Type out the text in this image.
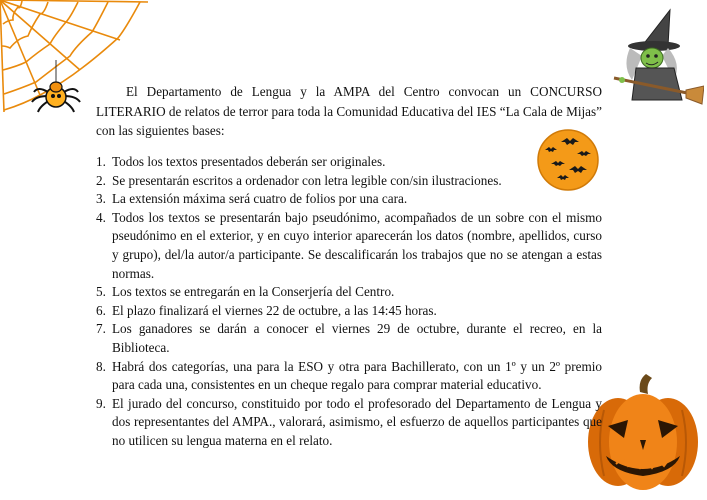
El Departamento de Lengua y la AMPA del Centro convocan un CONCURSO LITERARIO de relatos de terror para toda la Comunidad Educativa del IES “La Cala de Mijas” con las siguientes bases:

1. Todos los textos presentados deberán ser originales.
2. Se presentarán escritos a ordenador con letra legible con/sin ilustraciones.
3. La extensión máxima será cuatro de folios por una cara.
4. Todos los textos se presentarán bajo pseudónimo, acompañados de un sobre con el mismo pseudónimo en el exterior, y en cuyo interior aparecerán los datos (nombre, apellidos, curso y grupo), del/la autor/a participante. Se descalificarán los trabajos que no se atengan a estas normas.
5. Los textos se entregarán en la Conserjería del Centro.
6. El plazo finalizará el viernes 22 de octubre, a las 14:45 horas.
7. Los ganadores se darán a conocer el viernes 29 de octubre, durante el recreo, en la Biblioteca.
8. Habrá dos categorías, una para la ESO y otra para Bachillerato, con un 1º y un 2º premio para cada una, consistentes en un cheque regalo para comprar material educativo.
9. El jurado del concurso, constituido por todo el profesorado del Departamento de Lengua y dos representantes del AMPA., valorará, asimismo, el esfuerzo de aquellos participantes que no utilicen su lengua materna en el relato.
